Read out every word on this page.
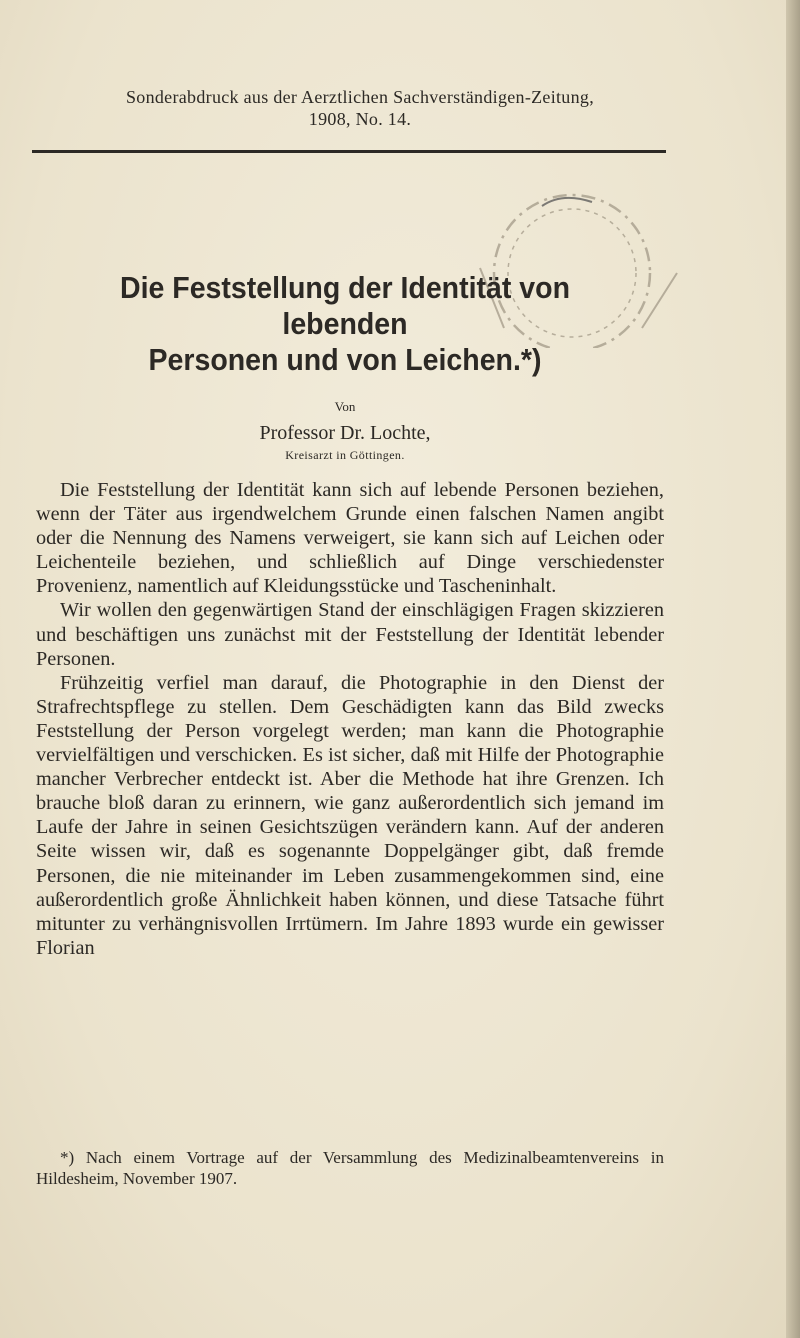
Sonderabdruck aus der Aerztlichen Sachverständigen-Zeitung,
1908, No. 14.
Die Feststellung der Identität von lebenden
Personen und von Leichen.*)
Von
Professor Dr. Lochte,
Kreisarzt in Göttingen.

Die Feststellung der Identität kann sich auf lebende Personen beziehen, wenn der Täter aus irgendwelchem Grunde einen falschen Namen angibt oder die Nennung des Namens verweigert, sie kann sich auf Leichen oder Leichenteile beziehen, und schließlich auf Dinge verschiedenster Provenienz, namentlich auf Kleidungsstücke und Tascheninhalt.

Wir wollen den gegenwärtigen Stand der einschlägigen Fragen skizzieren und beschäftigen uns zunächst mit der Feststellung der Identität lebender Personen.

Frühzeitig verfiel man darauf, die Photographie in den Dienst der Strafrechtspflege zu stellen. Dem Geschädigten kann das Bild zwecks Feststellung der Person vorgelegt werden; man kann die Photographie vervielfältigen und verschicken. Es ist sicher, daß mit Hilfe der Photographie mancher Verbrecher entdeckt ist. Aber die Methode hat ihre Grenzen. Ich brauche bloß daran zu erinnern, wie ganz außerordentlich sich jemand im Laufe der Jahre in seinen Gesichtszügen verändern kann. Auf der anderen Seite wissen wir, daß es sogenannte Doppelgänger gibt, daß fremde Personen, die nie miteinander im Leben zusammengekommen sind, eine außerordentlich große Ähnlichkeit haben können, und diese Tatsache führt mitunter zu verhängnisvollen Irrtümern. Im Jahre 1893 wurde ein gewisser Florian

*) Nach einem Vortrage auf der Versammlung des Medizinalbeamtenvereins in Hildesheim, November 1907.
